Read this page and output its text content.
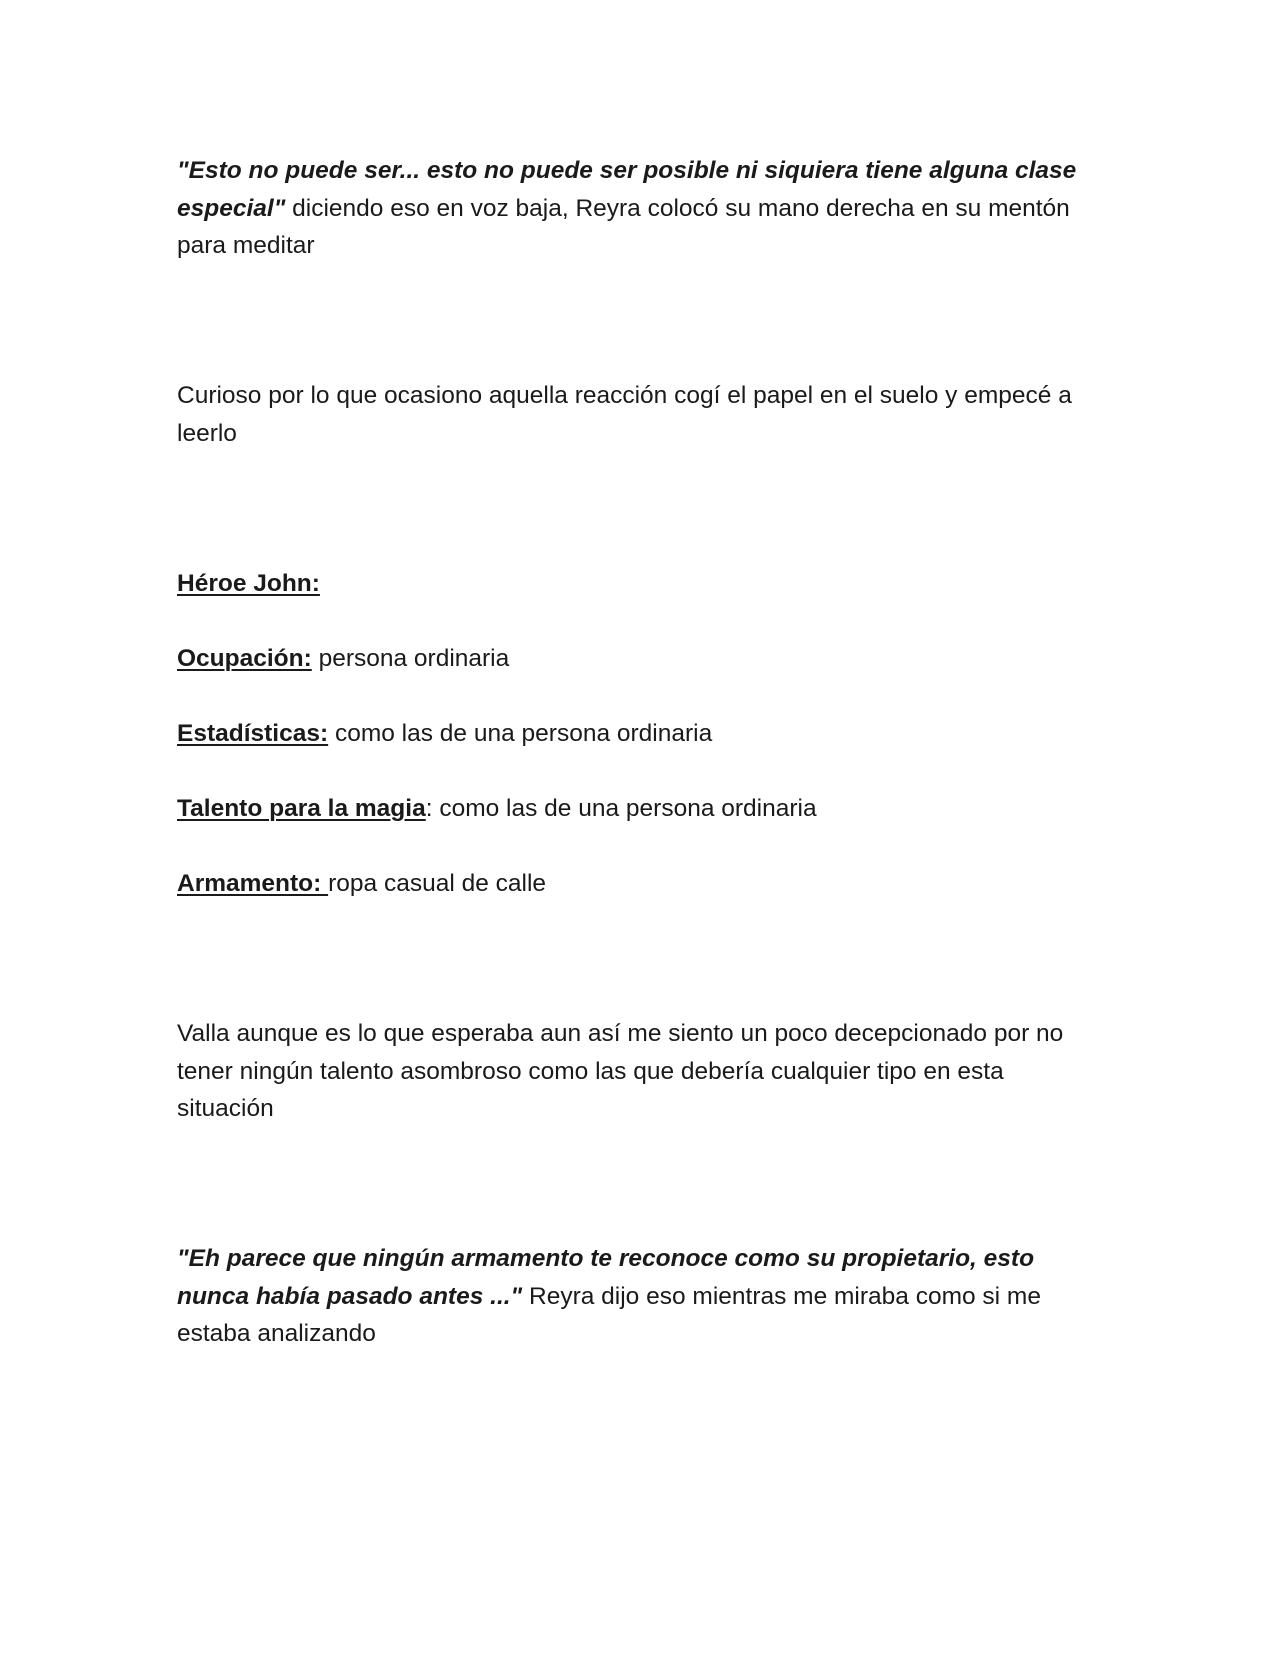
"Esto no puede ser... esto no puede ser posible ni siquiera tiene alguna clase especial" diciendo eso en voz baja, Reyra colocó su mano derecha en su mentón para meditar

Curioso por lo que ocasiono aquella reacción cogí el papel en el suelo y empecé a leerlo

Héroe John:

Ocupación: persona ordinaria

Estadísticas: como las de una persona ordinaria

Talento para la magia: como las de una persona ordinaria

Armamento: ropa casual de calle

Valla aunque es lo que esperaba aun así me siento un poco decepcionado por no tener ningún talento asombroso como las que debería cualquier tipo en esta situación

"Eh parece que ningún armamento te reconoce como su propietario, esto nunca había pasado antes ..." Reyra dijo eso mientras me miraba como si me estaba analizando
